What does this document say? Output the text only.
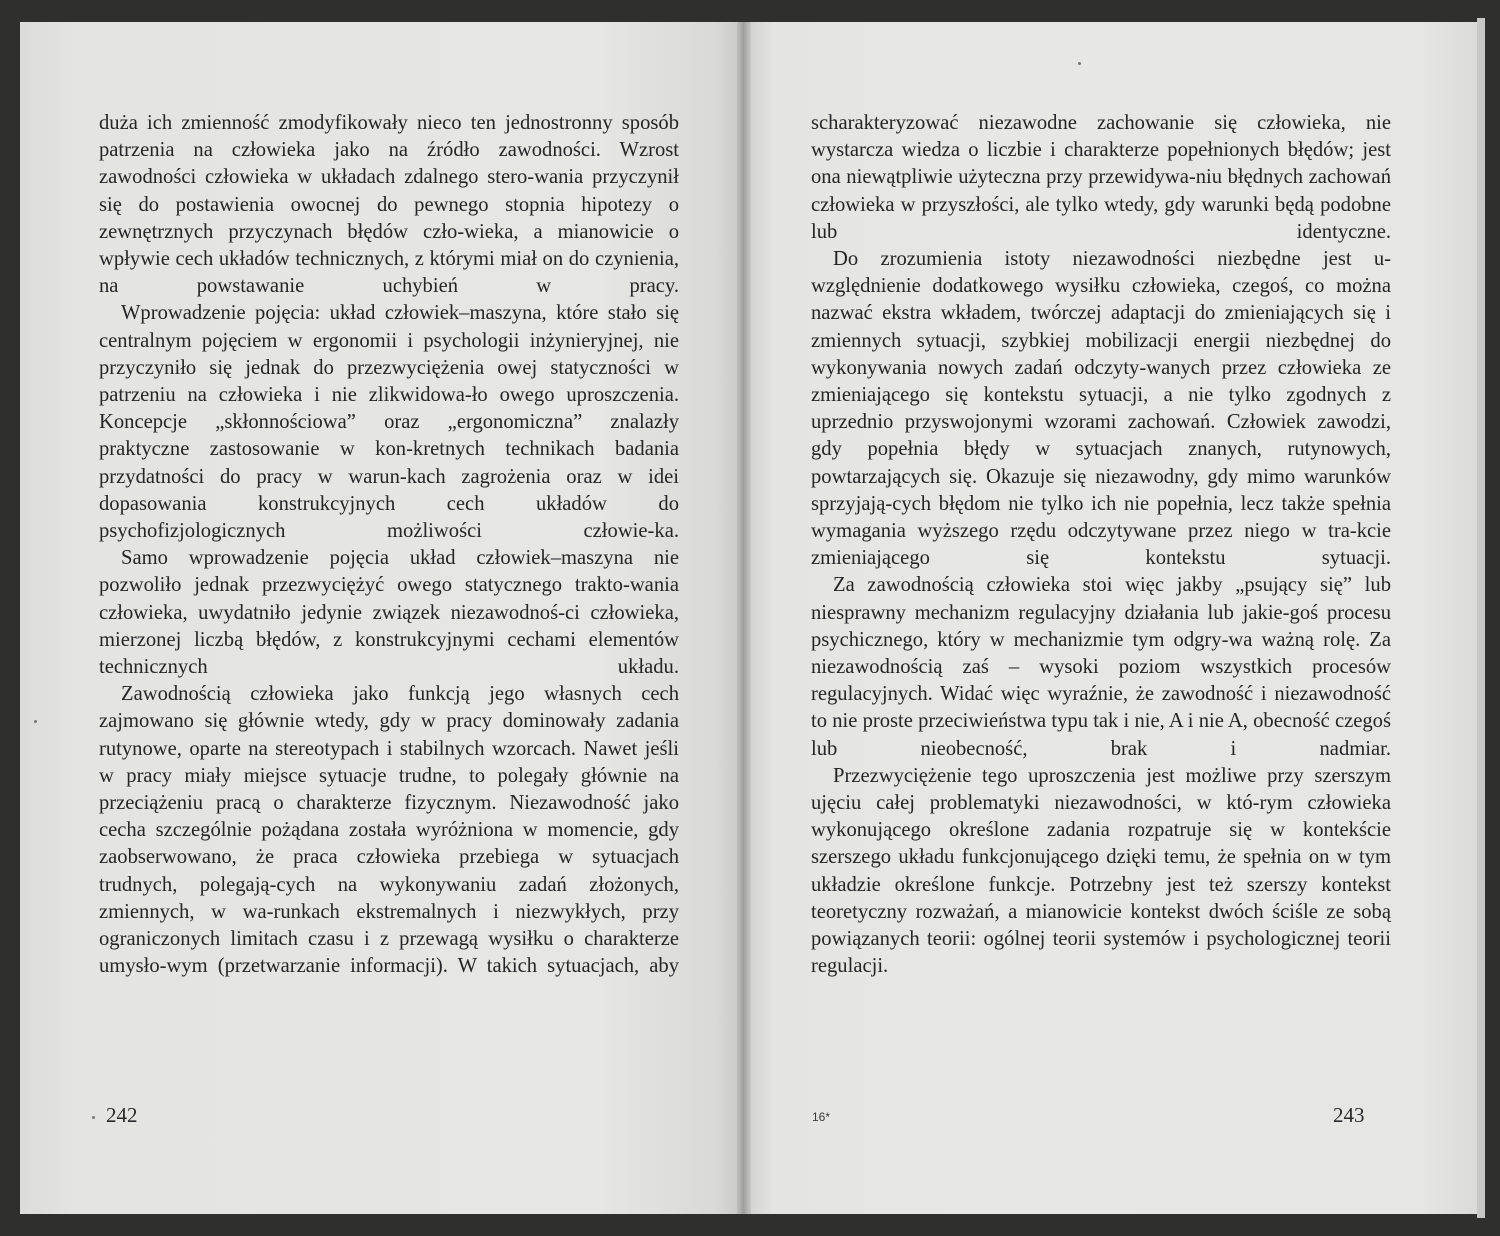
duża ich zmienność zmodyfikowały nieco ten jednostronny sposób patrzenia na człowieka jako na źródło zawodności. Wzrost zawodności człowieka w układach zdalnego stero-wania przyczynił się do postawienia owocnej do pewnego stopnia hipotezy o zewnętrznych przyczynach błędów czło-wieka, a mianowicie o wpływie cech układów technicznych, z którymi miał on do czynienia, na powstawanie uchybień w pracy.

Wprowadzenie pojęcia: układ człowiek–maszyna, które stało się centralnym pojęciem w ergonomii i psychologii inżynieryjnej, nie przyczyniło się jednak do przezwyciężenia owej statyczności w patrzeniu na człowieka i nie zlikwidowa-ło owego uproszczenia. Koncepcje „skłonnościowa” oraz „ergonomiczna” znalazły praktyczne zastosowanie w kon-kretnych technikach badania przydatności do pracy w warun-kach zagrożenia oraz w idei dopasowania konstrukcyjnych cech układów do psychofizjologicznych możliwości człowie-ka.

Samo wprowadzenie pojęcia układ człowiek–maszyna nie pozwoliło jednak przezwyciężyć owego statycznego trakto-wania człowieka, uwydatniło jedynie związek niezawodnoś-ci człowieka, mierzonej liczbą błędów, z konstrukcyjnymi cechami elementów technicznych układu.

Zawodnością człowieka jako funkcją jego własnych cech zajmowano się głównie wtedy, gdy w pracy dominowały zadania rutynowe, oparte na stereotypach i stabilnych wzorcach. Nawet jeśli w pracy miały miejsce sytuacje trudne, to polegały głównie na przeciążeniu pracą o charakterze fizycznym. Niezawodność jako cecha szczególnie pożądana została wyróżniona w momencie, gdy zaobserwowano, że praca człowieka przebiega w sytuacjach trudnych, polegają-cych na wykonywaniu zadań złożonych, zmiennych, w wa-runkach ekstremalnych i niezwykłych, przy ograniczonych limitach czasu i z przewagą wysiłku o charakterze umysło-wym (przetwarzanie informacji). W takich sytuacjach, aby

242

scharakteryzować niezawodne zachowanie się człowieka, nie wystarcza wiedza o liczbie i charakterze popełnionych błędów; jest ona niewątpliwie użyteczna przy przewidywa-niu błędnych zachowań człowieka w przyszłości, ale tylko wtedy, gdy warunki będą podobne lub identyczne.

Do zrozumienia istoty niezawodności niezbędne jest u-względnienie dodatkowego wysiłku człowieka, czegoś, co można nazwać ekstra wkładem, twórczej adaptacji do zmieniających się i zmiennych sytuacji, szybkiej mobilizacji energii niezbędnej do wykonywania nowych zadań odczyty-wanych przez człowieka ze zmieniającego się kontekstu sytuacji, a nie tylko zgodnych z uprzednio przyswojonymi wzorami zachowań. Człowiek zawodzi, gdy popełnia błędy w sytuacjach znanych, rutynowych, powtarzających się. Okazuje się niezawodny, gdy mimo warunków sprzyjają-cych błędom nie tylko ich nie popełnia, lecz także spełnia wymagania wyższego rzędu odczytywane przez niego w tra-kcie zmieniającego się kontekstu sytuacji.

Za zawodnością człowieka stoi więc jakby „psujący się” lub niesprawny mechanizm regulacyjny działania lub jakie-goś procesu psychicznego, który w mechanizmie tym odgry-wa ważną rolę. Za niezawodnością zaś – wysoki poziom wszystkich procesów regulacyjnych. Widać więc wyraźnie, że zawodność i niezawodność to nie proste przeciwieństwa typu tak i nie, A i nie A, obecność czegoś lub nieobecność, brak i nadmiar.

Przezwyciężenie tego uproszczenia jest możliwe przy szerszym ujęciu całej problematyki niezawodności, w któ-rym człowieka wykonującego określone zadania rozpatruje się w kontekście szerszego układu funkcjonującego dzięki temu, że spełnia on w tym układzie określone funkcje. Potrzebny jest też szerszy kontekst teoretyczny rozważań, a mianowicie kontekst dwóch ściśle ze sobą powiązanych teorii: ogólnej teorii systemów i psychologicznej teorii regulacji.

16*	243
